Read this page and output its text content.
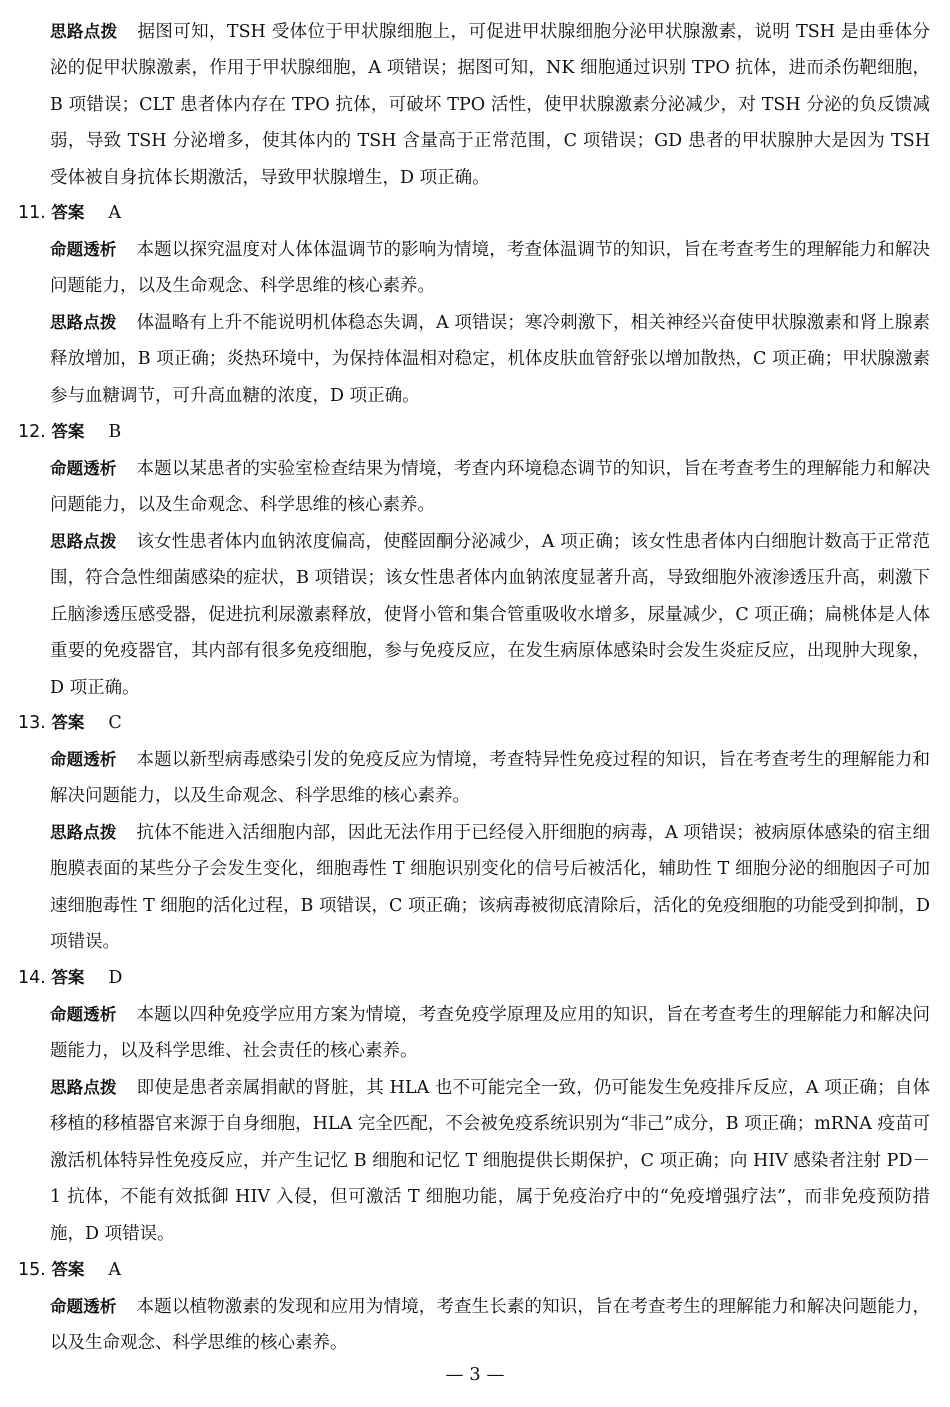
思路点拨 据图可知，TSH 受体位于甲状腺细胞上，可促进甲状腺细胞分泌甲状腺激素，说明 TSH 是由垂体分泌的促甲状腺激素，作用于甲状腺细胞，A 项错误；据图可知，NK 细胞通过识别 TPO 抗体，进而杀伤靶细胞，B 项错误；CLT 患者体内存在 TPO 抗体，可破坏 TPO 活性，使甲状腺激素分泌减少，对 TSH 分泌的负反馈减弱，导致 TSH 分泌增多，使其体内的 TSH 含量高于正常范围，C 项错误；GD 患者的甲状腺肿大是因为 TSH 受体被自身抗体长期激活，导致甲状腺增生，D 项正确。

11. 答案 A

命题透析 本题以探究温度对人体体温调节的影响为情境，考查体温调节的知识，旨在考查考生的理解能力和解决问题能力，以及生命观念、科学思维的核心素养。

思路点拨 体温略有上升不能说明机体稳态失调，A 项错误；寒冷刺激下，相关神经兴奋使甲状腺激素和肾上腺素释放增加，B 项正确；炎热环境中，为保持体温相对稳定，机体皮肤血管舒张以增加散热，C 项正确；甲状腺激素参与血糖调节，可升高血糖的浓度，D 项正确。

12. 答案 B

命题透析 本题以某患者的实验室检查结果为情境，考查内环境稳态调节的知识，旨在考查考生的理解能力和解决问题能力，以及生命观念、科学思维的核心素养。

思路点拨 该女性患者体内血钠浓度偏高，使醛固酮分泌减少，A 项正确；该女性患者体内白细胞计数高于正常范围，符合急性细菌感染的症状，B 项错误；该女性患者体内血钠浓度显著升高，导致细胞外液渗透压升高，刺激下丘脑渗透压感受器，促进抗利尿激素释放，使肾小管和集合管重吸收水增多，尿量减少，C 项正确；扁桃体是人体重要的免疫器官，其内部有很多免疫细胞，参与免疫反应，在发生病原体感染时会发生炎症反应，出现肿大现象，D 项正确。

13. 答案 C

命题透析 本题以新型病毒感染引发的免疫反应为情境，考查特异性免疫过程的知识，旨在考查考生的理解能力和解决问题能力，以及生命观念、科学思维的核心素养。

思路点拨 抗体不能进入活细胞内部，因此无法作用于已经侵入肝细胞的病毒，A 项错误；被病原体感染的宿主细胞膜表面的某些分子会发生变化，细胞毒性 T 细胞识别变化的信号后被活化，辅助性 T 细胞分泌的细胞因子可加速细胞毒性 T 细胞的活化过程，B 项错误，C 项正确；该病毒被彻底清除后，活化的免疫细胞的功能受到抑制，D 项错误。

14. 答案 D

命题透析 本题以四种免疫学应用方案为情境，考查免疫学原理及应用的知识，旨在考查考生的理解能力和解决问题能力，以及科学思维、社会责任的核心素养。

思路点拨 即使是患者亲属捐献的肾脏，其 HLA 也不可能完全一致，仍可能发生免疫排斥反应，A 项正确；自体移植的移植器官来源于自身细胞，HLA 完全匹配，不会被免疫系统识别为“非己”成分，B 项正确；mRNA 疫苗可激活机体特异性免疫反应，并产生记忆 B 细胞和记忆 T 细胞提供长期保护，C 项正确；向 HIV 感染者注射 PD－1 抗体，不能有效抵御 HIV 入侵，但可激活 T 细胞功能，属于免疫治疗中的“免疫增强疗法”，而非免疫预防措施，D 项错误。

15. 答案 A

命题透析 本题以植物激素的发现和应用为情境，考查生长素的知识，旨在考查考生的理解能力和解决问题能力，以及生命观念、科学思维的核心素养。

— 3 —
